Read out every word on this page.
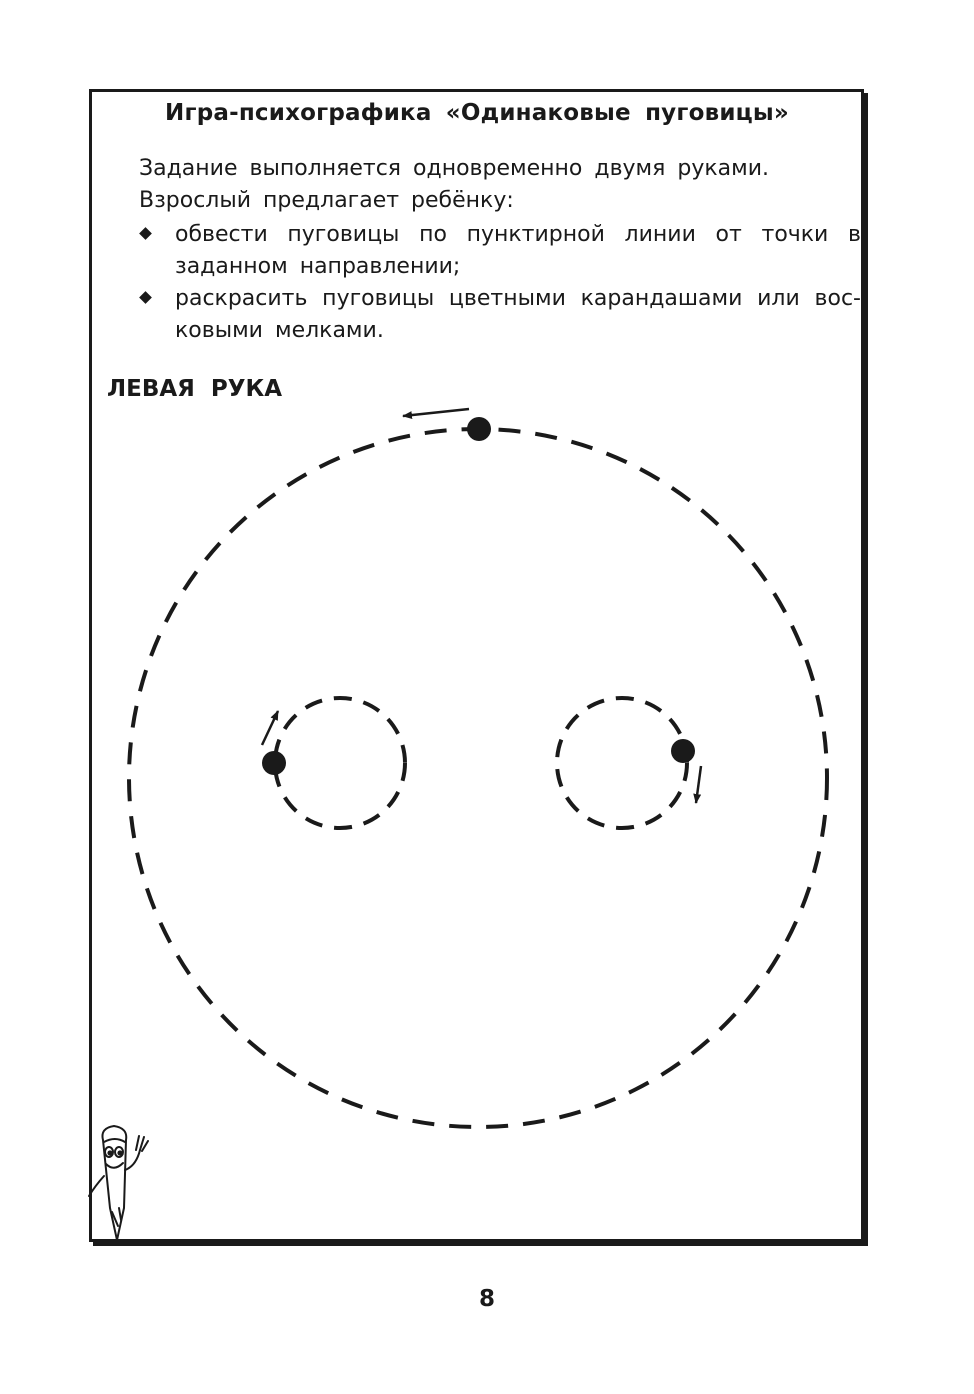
Игра-психографика «Одинаковые пуговицы»
Задание выполняется одновременно двумя руками.
Взрослый предлагает ребёнку:
обвести пуговицы по пунктирной линии от точки в заданном направлении;
раскрасить пуговицы цветными карандашами или восковыми мелками.
ЛЕВАЯ РУКА
8
